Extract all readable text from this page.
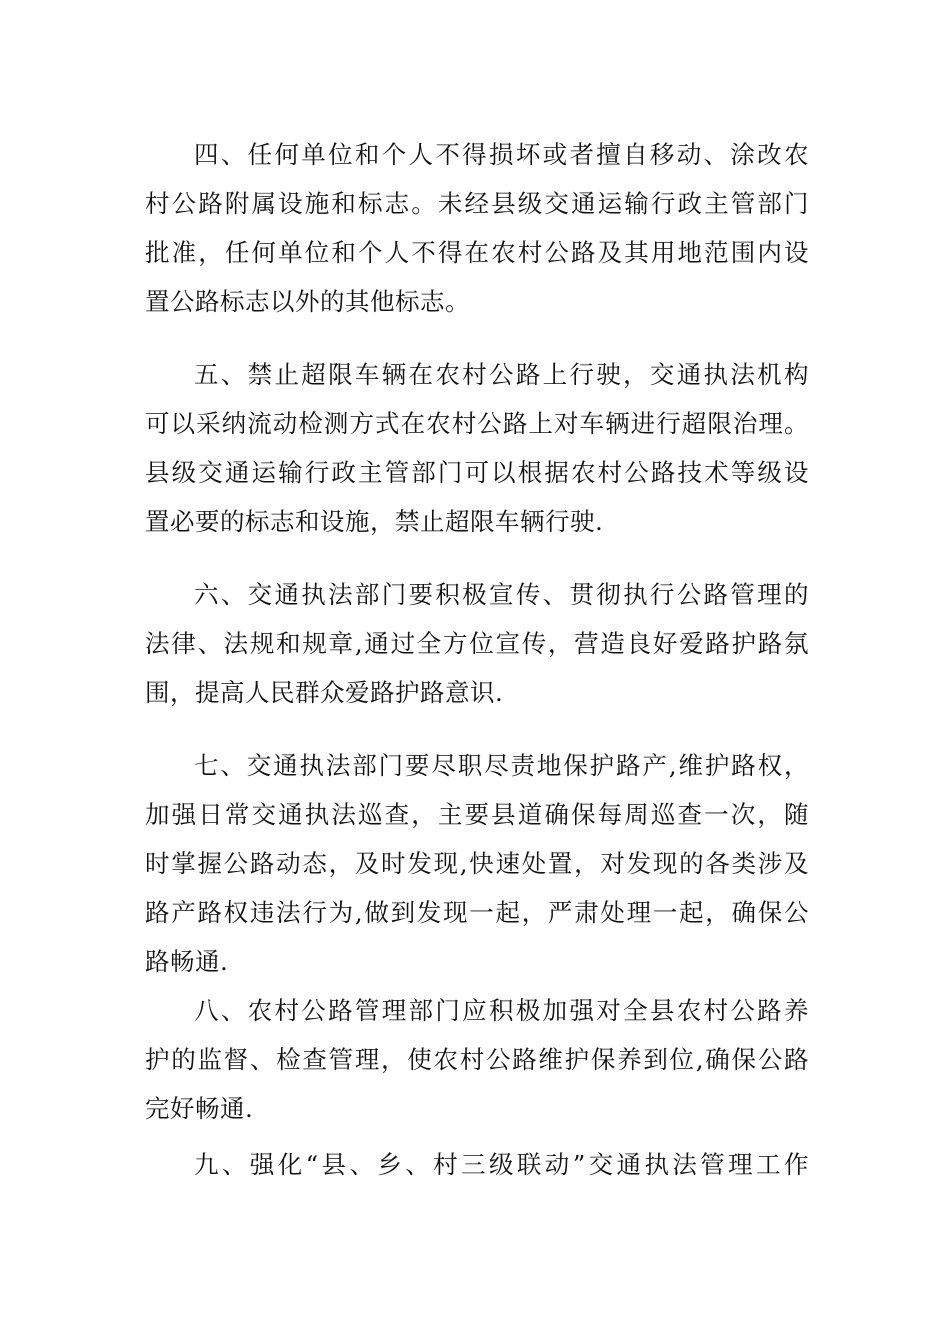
四、任何单位和个人不得损坏或者擅自移动、涂改农
村公路附属设施和标志。未经县级交通运输行政主管部门
批准，任何单位和个人不得在农村公路及其用地范围内设
置公路标志以外的其他标志。
五、禁止超限车辆在农村公路上行驶，交通执法机构
可以采纳流动检测方式在农村公路上对车辆进行超限治理。
县级交通运输行政主管部门可以根据农村公路技术等级设
置必要的标志和设施，禁止超限车辆行驶.
六、交通执法部门要积极宣传、贯彻执行公路管理的
法律、法规和规章,通过全方位宣传，营造良好爱路护路氛
围，提高人民群众爱路护路意识.
七、交通执法部门要尽职尽责地保护路产,维护路权，
加强日常交通执法巡查，主要县道确保每周巡查一次，随
时掌握公路动态，及时发现,快速处置，对发现的各类涉及
路产路权违法行为,做到发现一起，严肃处理一起，确保公
路畅通.
八、农村公路管理部门应积极加强对全县农村公路养
护的监督、检查管理，使农村公路维护保养到位,确保公路
完好畅通.
九、强化“县、乡、村三级联动”交通执法管理工作
